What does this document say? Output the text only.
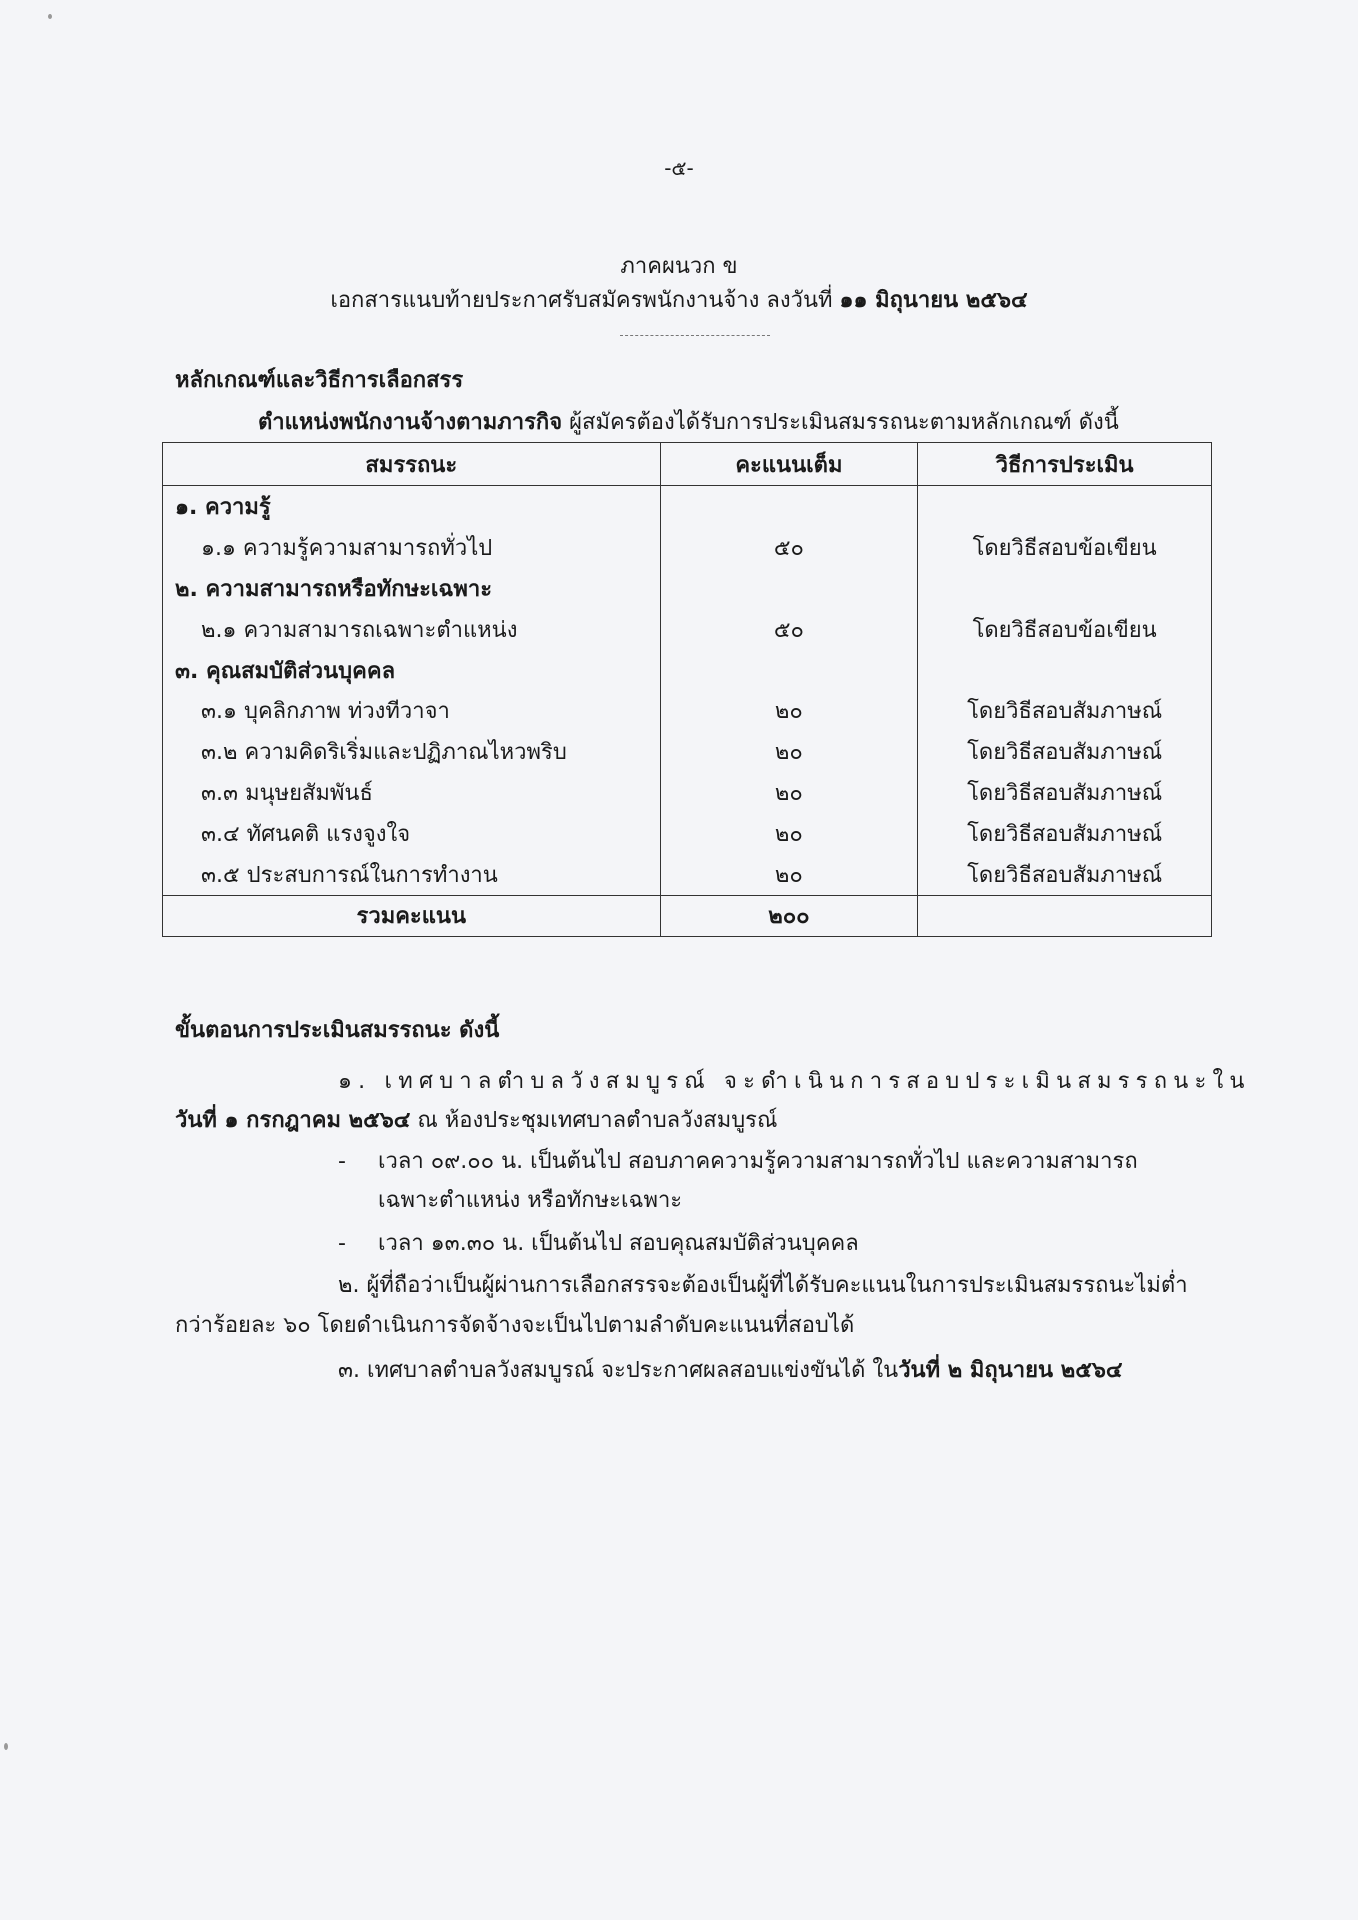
-๕-
ภาคผนวก ข
เอกสารแนบท้ายประกาศรับสมัครพนักงานจ้าง ลงวันที่ ๑๑ มิถุนายน ๒๕๖๔
หลักเกณฑ์และวิธีการเลือกสรร
ตำแหน่งพนักงานจ้างตามภารกิจ ผู้สมัครต้องได้รับการประเมินสมรรถนะตามหลักเกณฑ์ ดังนี้
สมรรถนะ	คะแนนเต็ม	วิธีการประเมิน
๑. ความรู้		
๑.๑ ความรู้ความสามารถทั่วไป	๕๐	โดยวิธีสอบข้อเขียน
๒. ความสามารถหรือทักษะเฉพาะ		
๒.๑ ความสามารถเฉพาะตำแหน่ง	๕๐	โดยวิธีสอบข้อเขียน
๓. คุณสมบัติส่วนบุคคล		
๓.๑ บุคลิกภาพ ท่วงทีวาจา	๒๐	โดยวิธีสอบสัมภาษณ์
๓.๒ ความคิดริเริ่มและปฏิภาณไหวพริบ	๒๐	โดยวิธีสอบสัมภาษณ์
๓.๓ มนุษยสัมพันธ์	๒๐	โดยวิธีสอบสัมภาษณ์
๓.๔ ทัศนคติ แรงจูงใจ	๒๐	โดยวิธีสอบสัมภาษณ์
๓.๕ ประสบการณ์ในการทำงาน	๒๐	โดยวิธีสอบสัมภาษณ์
รวมคะแนน	๒๐๐	
ขั้นตอนการประเมินสมรรถนะ ดังนี้
๑. เทศบาลตำบลวังสมบูรณ์ จะดำเนินการสอบประเมินสมรรถนะใน
วันที่ ๑ กรกฎาคม ๒๕๖๔ ณ ห้องประชุมเทศบาลตำบลวังสมบูรณ์
- เวลา ๐๙.๐๐ น. เป็นต้นไป สอบภาคความรู้ความสามารถทั่วไป และความสามารถ
เฉพาะตำแหน่ง หรือทักษะเฉพาะ
- เวลา ๑๓.๓๐ น. เป็นต้นไป สอบคุณสมบัติส่วนบุคคล
๒. ผู้ที่ถือว่าเป็นผู้ผ่านการเลือกสรรจะต้องเป็นผู้ที่ได้รับคะแนนในการประเมินสมรรถนะไม่ต่ำ
กว่าร้อยละ ๖๐ โดยดำเนินการจัดจ้างจะเป็นไปตามลำดับคะแนนที่สอบได้
๓. เทศบาลตำบลวังสมบูรณ์ จะประกาศผลสอบแข่งขันได้ ในวันที่ ๒ มิถุนายน ๒๕๖๔
